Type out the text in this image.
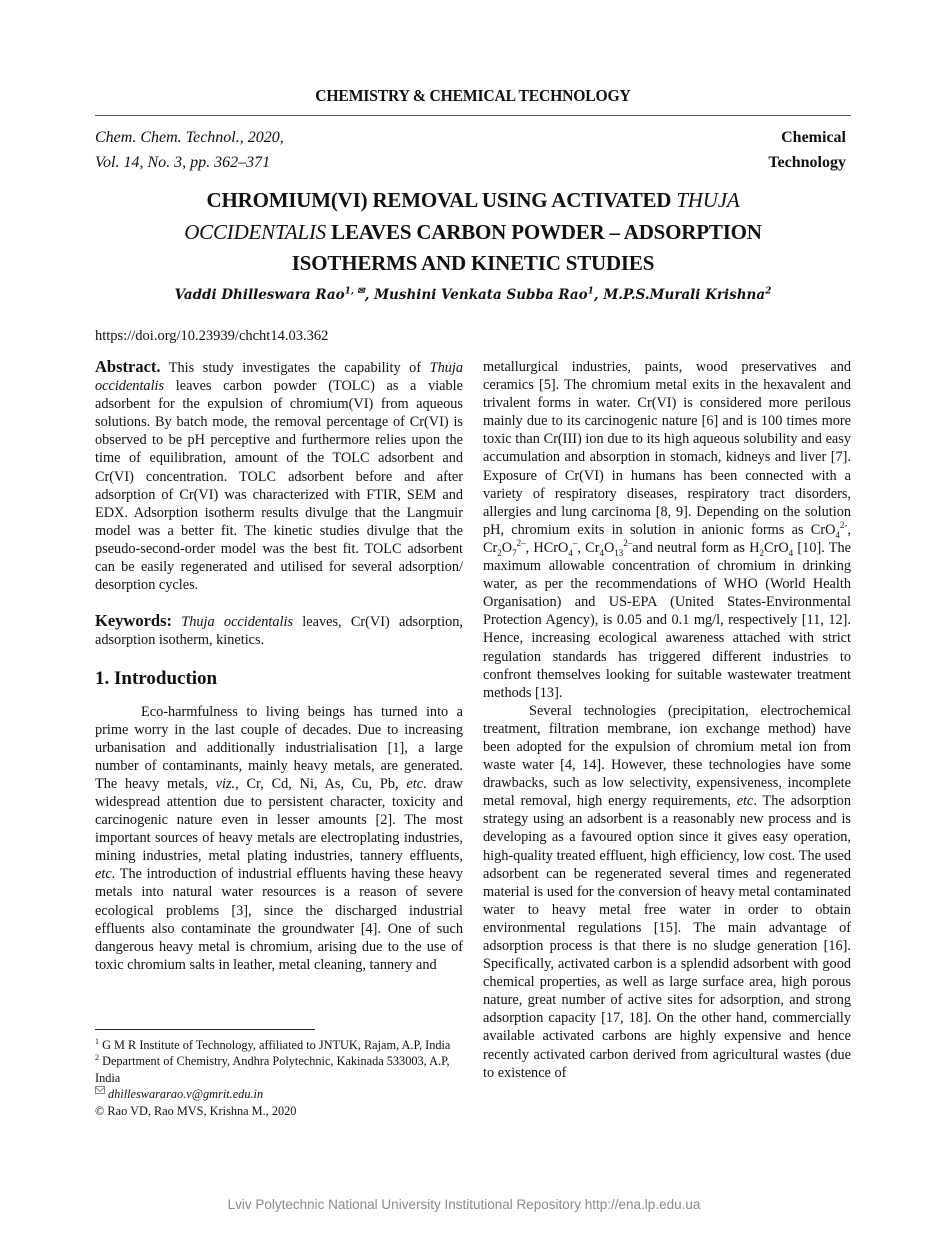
CHEMISTRY & CHEMICAL TECHNOLOGY
Chem. Chem. Technol., 2020,
Vol. 14, No. 3, pp. 362–371
Chemical
Technology
CHROMIUM(VI) REMOVAL USING ACTIVATED THUJA
OCCIDENTALIS LEAVES CARBON POWDER – ADSORPTION
ISOTHERMS AND KINETIC STUDIES
Vaddi Dhilleswara Rao$^{1,}$ ✉, Mushini Venkata Subba Rao$^1$, M.P.S.Murali Krishna$^2$
https://doi.org/10.23939/chcht14.03.362

Abstract. This study investigates the capability of Thuja occidentalis leaves carbon powder (TOLC) as a viable adsorbent for the expulsion of chromium(VI) from aqueous solutions. By batch mode, the removal percentage of Cr(VI) is observed to be pH perceptive and furthermore relies upon the time of equilibration, amount of the TOLC adsorbent and Cr(VI) concentration. TOLC adsorbent before and after adsorption of Cr(VI) was characterized with FTIR, SEM and EDX. Adsorption isotherm results divulge that the Langmuir model was a better fit. The kinetic studies divulge that the pseudo-second-order model was the best fit. TOLC adsorbent can be easily regenerated and utilised for several adsorption/ desorption cycles.

Keywords: Thuja occidentalis leaves, Cr(VI) adsorption, adsorption isotherm, kinetics.

1. Introduction

Eco-harmfulness to living beings has turned into a prime worry in the last couple of decades. Due to increasing urbanisation and additionally industrialisation [1], a large number of contaminants, mainly heavy metals, are generated. The heavy metals, viz., Cr, Cd, Ni, As, Cu, Pb, etc. draw widespread attention due to persistent character, toxicity and carcinogenic nature even in lesser amounts [2]. The most important sources of heavy metals are electroplating industries, mining industries, metal plating industries, tannery effluents, etc. The introduction of industrial effluents having these heavy metals into natural water resources is a reason of severe ecological problems [3], since the discharged industrial effluents also contaminate the groundwater [4]. One of such dangerous heavy metal is chromium, arising due to the use of toxic chromium salts in leather, metal cleaning, tannery and

metallurgical industries, paints, wood preservatives and ceramics [5]. The chromium metal exits in the hexavalent and trivalent forms in water. Cr(VI) is considered more perilous mainly due to its carcinogenic nature [6] and is 100 times more toxic than Cr(III) ion due to its high aqueous solubility and easy accumulation and absorption in stomach, kidneys and liver [7]. Exposure of Cr(VI) in humans has been connected with a variety of respiratory diseases, respiratory tract disorders, allergies and lung carcinoma [8, 9]. Depending on the solution pH, chromium exits in solution in anionic forms as CrO$_4^{2-}$, $Cr_2O_7^{2-}$, HCrO$_4$–, $Cr_4O_{13}^{2-}and$ neutral form as $H_2CrO_4$ [10]. The maximum allowable concentration of chromium in drinking water, as per the recommendations of WHO (World Health Organisation) and US-EPA (United States-Environmental Protection Agency), is 0.05 and 0.1 mg/l, respectively [11, 12]. Hence, increasing ecological awareness attached with strict regulation standards has triggered different industries to confront themselves looking for suitable wastewater treatment methods [13].

Several technologies (precipitation, electrochemical treatment, filtration membrane, ion exchange method) have been adopted for the expulsion of chromium metal ion from waste water [4, 14]. However, these technologies have some drawbacks, such as low selectivity, expensiveness, incomplete metal removal, high energy requirements, etc. The adsorption strategy using an adsorbent is a reasonably new process and is developing as a favoured option since it gives easy operation, high-quality treated effluent, high efficiency, low cost. The used adsorbent can be regenerated several times and regenerated material is used for the conversion of heavy metal contaminated water to heavy metal free water in order to obtain environmental regulations [15]. The main advantage of adsorption process is that there is no sludge generation [16]. Specifically, activated carbon is a splendid adsorbent with good chemical properties, as well as large surface area, high porous nature, great number of active sites for adsorption, and strong adsorption capacity [17, 18]. On the other hand, commercially available activated carbons are highly expensive and hence recently activated carbon derived from agricultural wastes (due to existence of

$^1$ G M R Institute of Technology, affiliated to JNTUK, Rajam, A.P, India
$^2$ Department of Chemistry, Andhra Polytechnic, Kakinada 533003, A.P, India
dhilleswararao.v@gmrit.edu.in
© Rao VD, Rao MVS, Krishna M., 2020
Lviv Polytechnic National University Institutional Repository http://ena.lp.edu.ua
